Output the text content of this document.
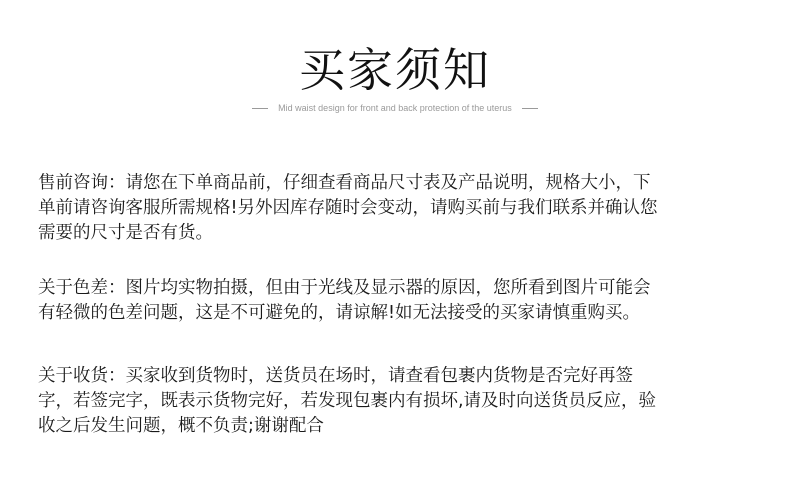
买家须知
Mid waist design for front and back protection of the uterus

售前咨询：请您在下单商品前，仔细查看商品尺寸表及产品说明，规格大小，下
单前请咨询客服所需规格!另外因库存随时会变动，请购买前与我们联系并确认您
需要的尺寸是否有货。

关于色差：图片均实物拍摄，但由于光线及显示器的原因，您所看到图片可能会
有轻微的色差问题，这是不可避免的，请谅解!如无法接受的买家请慎重购买。

关于收货：买家收到货物时，送货员在场时，请查看包裹内货物是否完好再签
字，若签完字，既表示货物完好，若发现包裹内有损坏,请及时向送货员反应，验
收之后发生问题，概不负责;谢谢配合
